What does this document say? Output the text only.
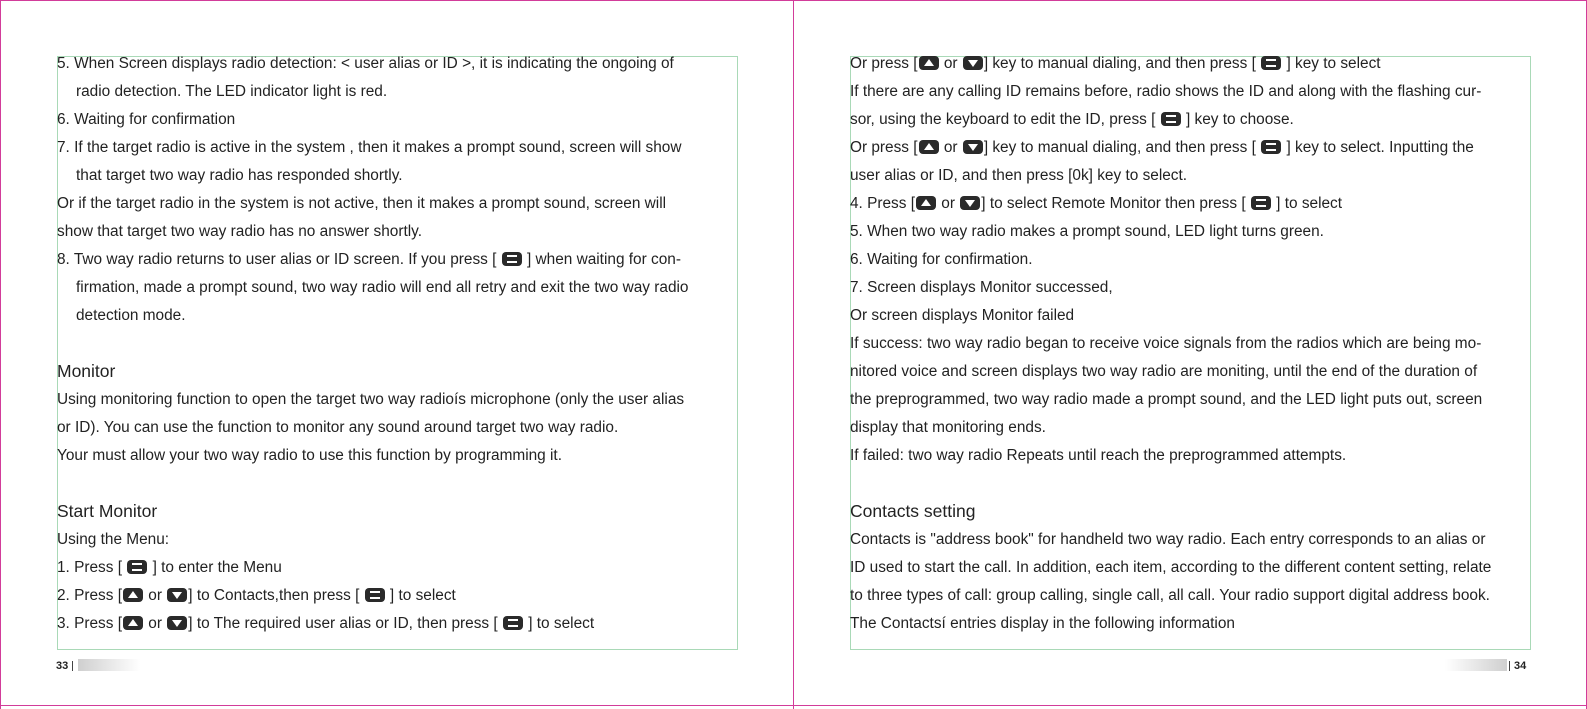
5. When Screen displays radio detection: < user alias or ID >, it is indicating the ongoing of
radio detection. The LED indicator light is red.
6. Waiting for confirmation
7. If the target radio is active in the system , then it makes a prompt sound, screen will show
that target two way radio has responded shortly.
Or if the target radio in the system is not active, then it makes a prompt sound, screen will
show that target two way radio has no answer shortly.
8. Two way radio returns to user alias or ID screen. If you press [ ] when waiting for con-
firmation, made a prompt sound, two way radio will end all retry and exit the two way radio
detection mode.
Monitor
Using monitoring function to open the target two way radioís microphone (only the user alias
or ID). You can use the function to monitor any sound around target two way radio.
Your must allow your two way radio to use this function by programming it.
Start Monitor
Using the Menu:
1. Press [ ] to enter the Menu
2. Press [ or ] to Contacts,then press [ ] to select
3. Press [ or ] to The required user alias or ID, then press [ ] to select
Or press [ or ] key to manual dialing, and then press [ ] key to select
If there are any calling ID remains before, radio shows the ID and along with the flashing cur-
sor, using the keyboard to edit the ID, press [ ] key to choose.
Or press [ or ] key to manual dialing, and then press [ ] key to select. Inputting the
user alias or ID, and then press [0k] key to select.
4. Press [ or ] to select Remote Monitor then press [ ] to select
5. When two way radio makes a prompt sound, LED light turns green.
6. Waiting for confirmation.
7. Screen displays Monitor successed,
Or screen displays Monitor failed
If success: two way radio began to receive voice signals from the radios which are being mo-
nitored voice and screen displays two way radio are moniting, until the end of the duration of
the preprogrammed, two way radio made a prompt sound, and the LED light puts out, screen
display that monitoring ends.
If failed: two way radio Repeats until reach the preprogrammed attempts.
Contacts setting
Contacts is "address book" for handheld two way radio. Each entry corresponds to an alias or
ID used to start the call. In addition, each item, according to the different content setting, relate
to three types of call: group calling, single call, all call. Your radio support digital address book.
The Contactsí entries display in the following information
33	34
